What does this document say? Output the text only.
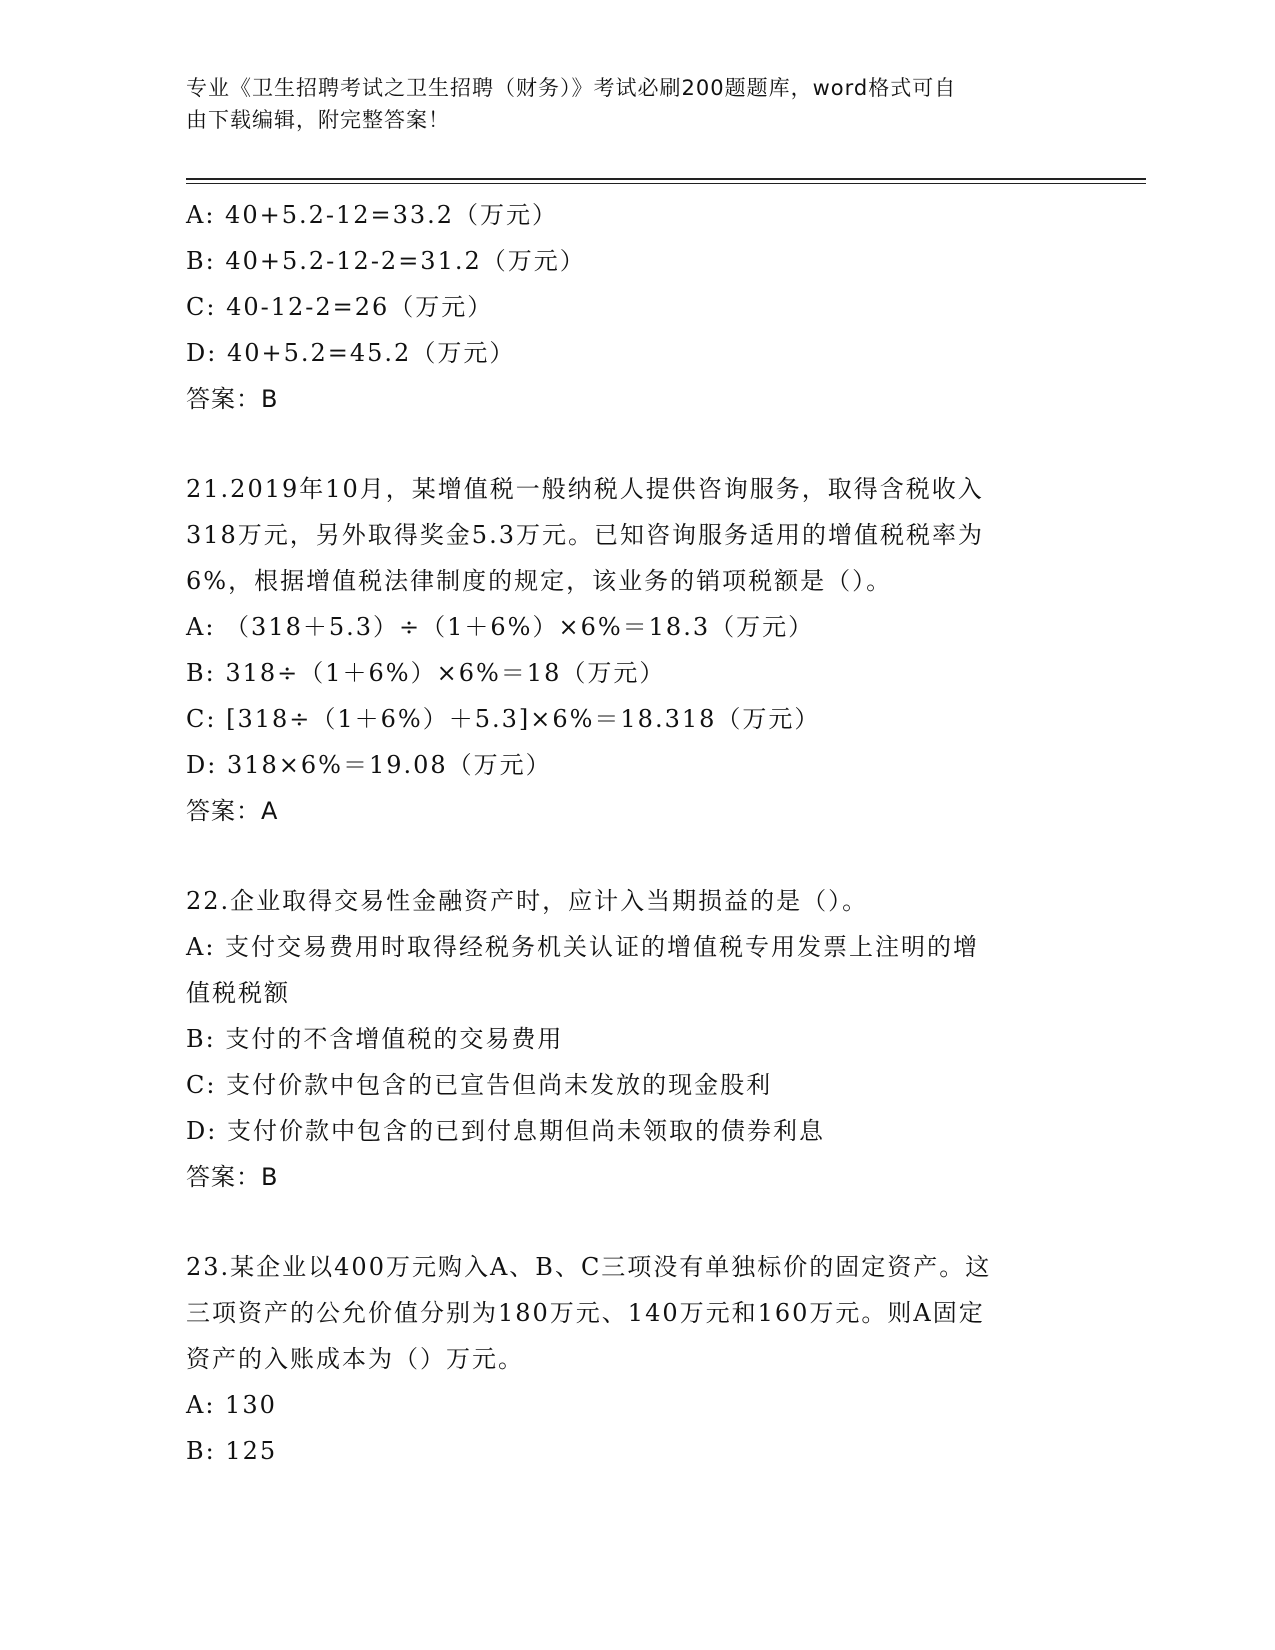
专业《卫生招聘考试之卫生招聘（财务）》考试必刷200题题库，word格式可自
由下载编辑，附完整答案！
A: 40+5.2-12=33.2（万元）
B: 40+5.2-12-2=31.2（万元）
C: 40-12-2=26（万元）
D: 40+5.2=45.2（万元）
答案：B
21.2019年10月，某增值税一般纳税人提供咨询服务，取得含税收入
318万元，另外取得奖金5.3万元。已知咨询服务适用的增值税税率为
6%，根据增值税法律制度的规定，该业务的销项税额是（）。
A: （318＋5.3）÷（1＋6%）×6%＝18.3（万元）
B: 318÷（1＋6%）×6%＝18（万元）
C: [318÷（1＋6%）＋5.3]×6%＝18.318（万元）
D: 318×6%＝19.08（万元）
答案：A
22.企业取得交易性金融资产时，应计入当期损益的是（）。
A: 支付交易费用时取得经税务机关认证的增值税专用发票上注明的增
值税税额
B: 支付的不含增值税的交易费用
C: 支付价款中包含的已宣告但尚未发放的现金股利
D: 支付价款中包含的已到付息期但尚未领取的债券利息
答案：B
23.某企业以400万元购入A、B、C三项没有单独标价的固定资产。这
三项资产的公允价值分别为180万元、140万元和160万元。则A固定
资产的入账成本为（）万元。
A: 130
B: 125
